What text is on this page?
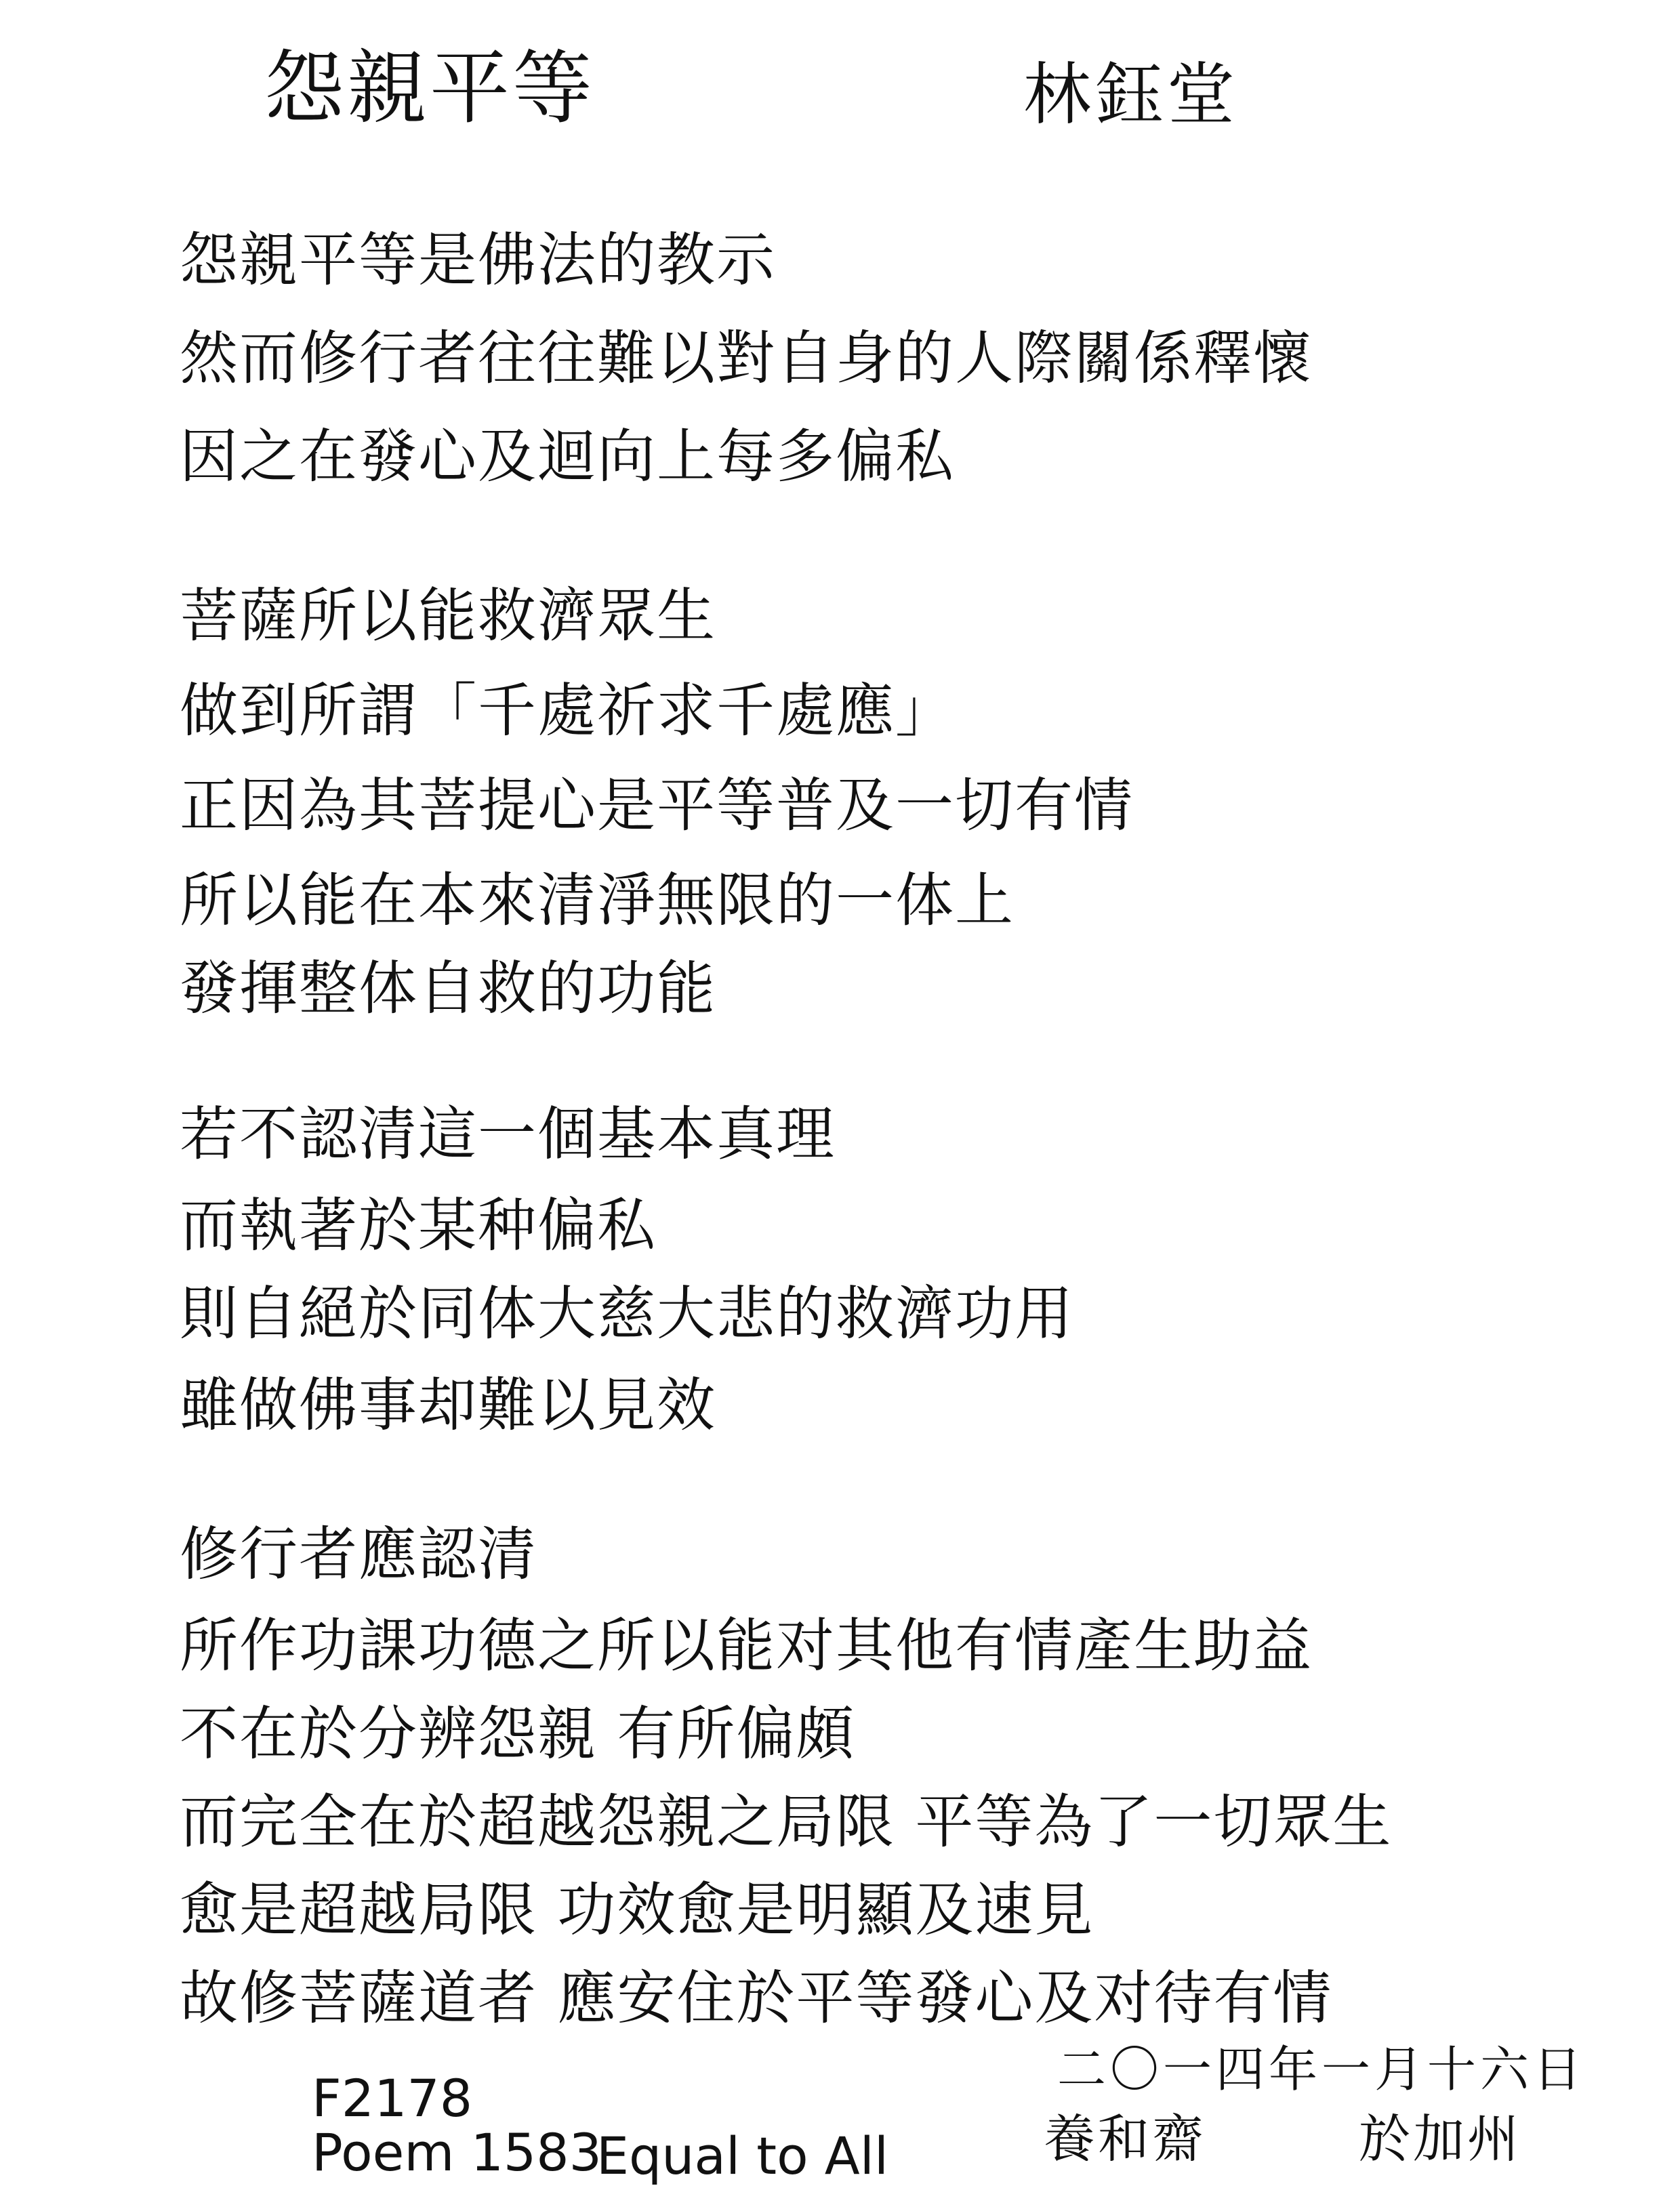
怨親平等	林鈺堂
怨親平等是佛法的教示
然而修行者往往難以對自身的人際關係釋懷
因之在發心及迴向上每多偏私
菩薩所以能救濟眾生
做到所謂「千處祈求千處應」
正因為其菩提心是平等普及一切有情
所以能在本來清淨無限的一体上
發揮整体自救的功能
若不認清這一個基本真理
而執著於某种偏私
則自絕於同体大慈大悲的救濟功用
雖做佛事却難以見效
修行者應認清
所作功課功德之所以能对其他有情產生助益
不在於分辨怨親 有所偏頗
而完全在於超越怨親之局限 平等為了一切眾生
愈是超越局限 功效愈是明顯及速見
故修菩薩道者 應安住於平等發心及对待有情
F2178
Poem 1583
Equal to All
二〇一四年一月十六日
養和齋	於加州
